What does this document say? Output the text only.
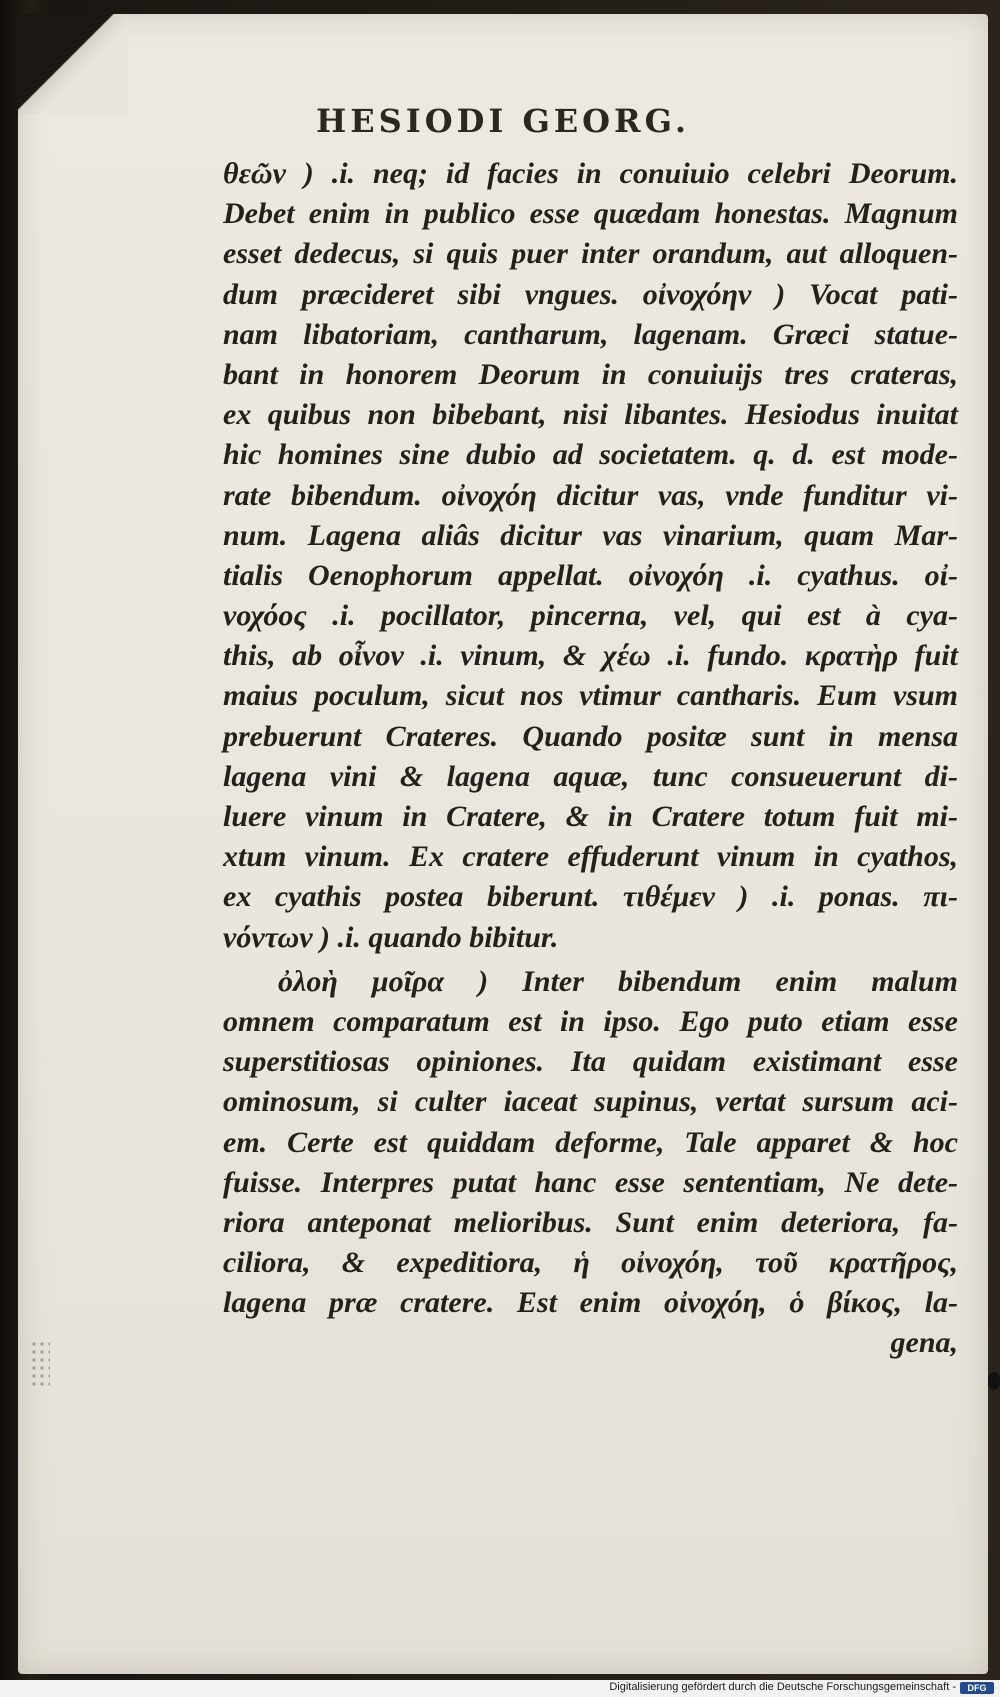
HESIODI GEORG.
θεῶν ) .i. neq; id facies in conuiuio celebri Deorum.
Debet enim in publico esse quædam honestas. Magnum
esset dedecus, si quis puer inter orandum, aut alloquen-
dum præcideret sibi vngues. οἰνοχόην ) Vocat pati-
nam libatoriam, cantharum, lagenam. Græci statue-
bant in honorem Deorum in conuiuijs tres crateras,
ex quibus non bibebant, nisi libantes. Hesiodus inuitat
hic homines sine dubio ad societatem. q. d. est mode-
rate bibendum. οἰνοχόη dicitur vas, vnde funditur vi-
num. Lagena aliâs dicitur vas vinarium, quam Mar-
tialis Oenophorum appellat. οἰνοχόη .i. cyathus. οἰ-
νοχόος .i. pocillator, pincerna, vel, qui est à cya-
this, ab οἶνον .i. vinum, & χέω .i. fundo. κρατὴρ fuit
maius poculum, sicut nos vtimur cantharis. Eum vsum
prebuerunt Crateres. Quando positæ sunt in mensa
lagena vini & lagena aquæ, tunc consueuerunt di-
luere vinum in Cratere, & in Cratere totum fuit mi-
xtum vinum. Ex cratere effuderunt vinum in cyathos,
ex cyathis postea biberunt. τιθέμεν ) .i. ponas. πι-
νόντων ) .i. quando bibitur.
ὀλοὴ μοῖρα ) Inter bibendum enim malum
omnem comparatum est in ipso. Ego puto etiam esse
superstitiosas opiniones. Ita quidam existimant esse
ominosum, si culter iaceat supinus, vertat sursum aci-
em. Certe est quiddam deforme, Tale apparet & hoc
fuisse. Interpres putat hanc esse sententiam, Ne dete-
riora anteponat melioribus. Sunt enim deteriora, fa-
ciliora, & expeditiora, ἡ οἰνοχόη, τοῦ κρατῆρος,
lagena præ cratere. Est enim οἰνοχόη, ὁ βίκος, la-
gena,
Digitalisierung gefördert durch die Deutsche Forschungsgemeinschaft -	DFG
